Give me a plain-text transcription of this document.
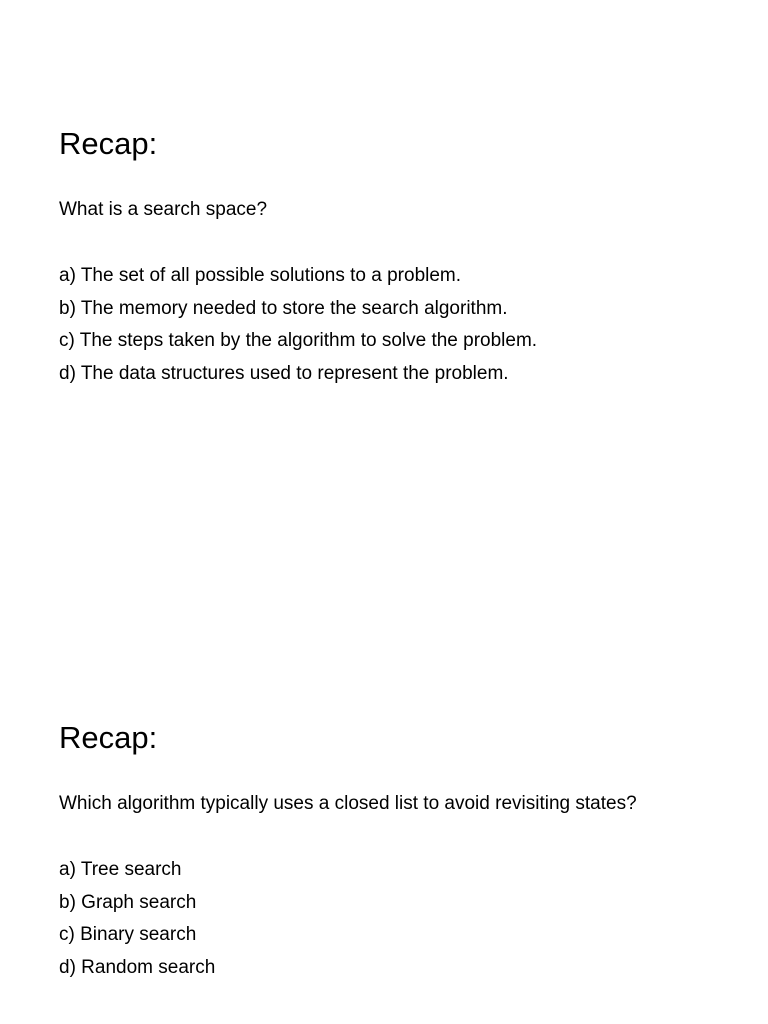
Recap:

What is a search space?

a) The set of all possible solutions to a problem.
b) The memory needed to store the search algorithm.
c) The steps taken by the algorithm to solve the problem.
d) The data structures used to represent the problem.
Recap:

Which algorithm typically uses a closed list to avoid revisiting states?

a) Tree search
b) Graph search
c) Binary search
d) Random search
